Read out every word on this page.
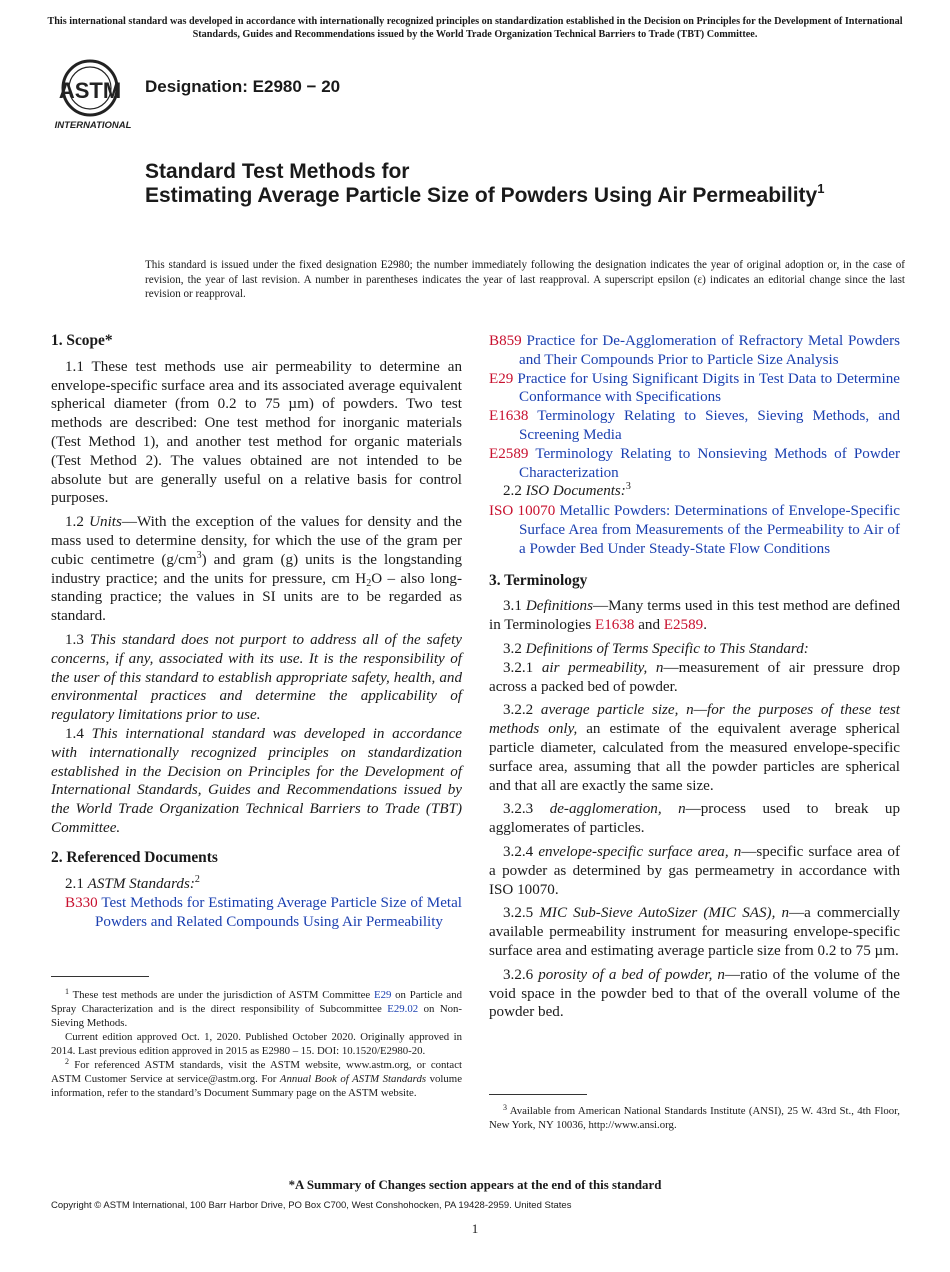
This international standard was developed in accordance with internationally recognized principles on standardization established in the Decision on Principles for the Development of International Standards, Guides and Recommendations issued by the World Trade Organization Technical Barriers to Trade (TBT) Committee.
ASTM
INTERNATIONAL
Designation: E2980 − 20
Standard Test Methods for
Estimating Average Particle Size of Powders Using Air Permeability$^1$
This standard is issued under the fixed designation E2980; the number immediately following the designation indicates the year of original adoption or, in the case of revision, the year of last revision. A number in parentheses indicates the year of last reapproval. A superscript epsilon (ε) indicates an editorial change since the last revision or reapproval.
1. Scope*

1.1 These test methods use air permeability to determine an envelope-specific surface area and its associated average equivalent spherical diameter (from 0.2 to 75 µm) of powders. Two test methods are described: One test method for inorganic materials (Test Method 1), and another test method for organic materials (Test Method 2). The values obtained are not intended to be absolute but are generally useful on a relative basis for control purposes.

1.2 Units—With the exception of the values for density and the mass used to determine density, for which the use of the gram per cubic centimetre $(g/cm^3)$ and gram (g) units is the longstanding industry practice; and the units for pressure, cm H2O – also long-standing practice; the values in SI units are to be regarded as standard.

1.3 This standard does not purport to address all of the safety concerns, if any, associated with its use. It is the responsibility of the user of this standard to establish appropriate safety, health, and environmental practices and determine the applicability of regulatory limitations prior to use.

1.4 This international standard was developed in accordance with internationally recognized principles on standardization established in the Decision on Principles for the Development of International Standards, Guides and Recommendations issued by the World Trade Organization Technical Barriers to Trade (TBT) Committee.

2. Referenced Documents
2.1 ASTM Standards:$^2$
B330 Test Methods for Estimating Average Particle Size of Metal Powders and Related Compounds Using Air Permeability
B859 Practice for De-Agglomeration of Refractory Metal Powders and Their Compounds Prior to Particle Size Analysis
E29 Practice for Using Significant Digits in Test Data to Determine Conformance with Specifications
E1638 Terminology Relating to Sieves, Sieving Methods, and Screening Media
E2589 Terminology Relating to Nonsieving Methods of Powder Characterization
2.2 ISO Documents:$^3$
ISO 10070 Metallic Powders: Determinations of Envelope-Specific Surface Area from Measurements of the Permeability to Air of a Powder Bed Under Steady-State Flow Conditions
3. Terminology

3.1 Definitions—Many terms used in this test method are defined in Terminologies E1638 and E2589.

3.2 Definitions of Terms Specific to This Standard:

3.2.1 air permeability, n—measurement of air pressure drop across a packed bed of powder.

3.2.2 average particle size, n—for the purposes of these test methods only, an estimate of the equivalent average spherical particle diameter, calculated from the measured envelope-specific surface area, assuming that all the powder particles are spherical and that all are exactly the same size.

3.2.3 de-agglomeration, n—process used to break up agglomerates of particles.

3.2.4 envelope-specific surface area, n—specific surface area of a powder as determined by gas permeametry in accordance with ISO 10070.

3.2.5 MIC Sub-Sieve AutoSizer (MIC SAS), n—a commercially available permeability instrument for measuring envelope-specific surface area and estimating average particle size from 0.2 to 75 µm.

3.2.6 porosity of a bed of powder, n—ratio of the volume of the void space in the powder bed to that of the overall volume of the powder bed.

$^1$ These test methods are under the jurisdiction of ASTM Committee E29 on Particle and Spray Characterization and is the direct responsibility of Subcommittee E29.02 on Non-Sieving Methods.

Current edition approved Oct. 1, 2020. Published October 2020. Originally approved in 2014. Last previous edition approved in 2015 as E2980 – 15. DOI: 10.1520/E2980-20.

$^2$ For referenced ASTM standards, visit the ASTM website, www.astm.org, or contact ASTM Customer Service at service@astm.org. For Annual Book of ASTM Standards volume information, refer to the standard’s Document Summary page on the ASTM website.

$^3$ Available from American National Standards Institute (ANSI), 25 W. 43rd St., 4th Floor, New York, NY 10036, http://www.ansi.org.

*A Summary of Changes section appears at the end of this standard
Copyright © ASTM International, 100 Barr Harbor Drive, PO Box C700, West Conshohocken, PA 19428-2959. United States
1
